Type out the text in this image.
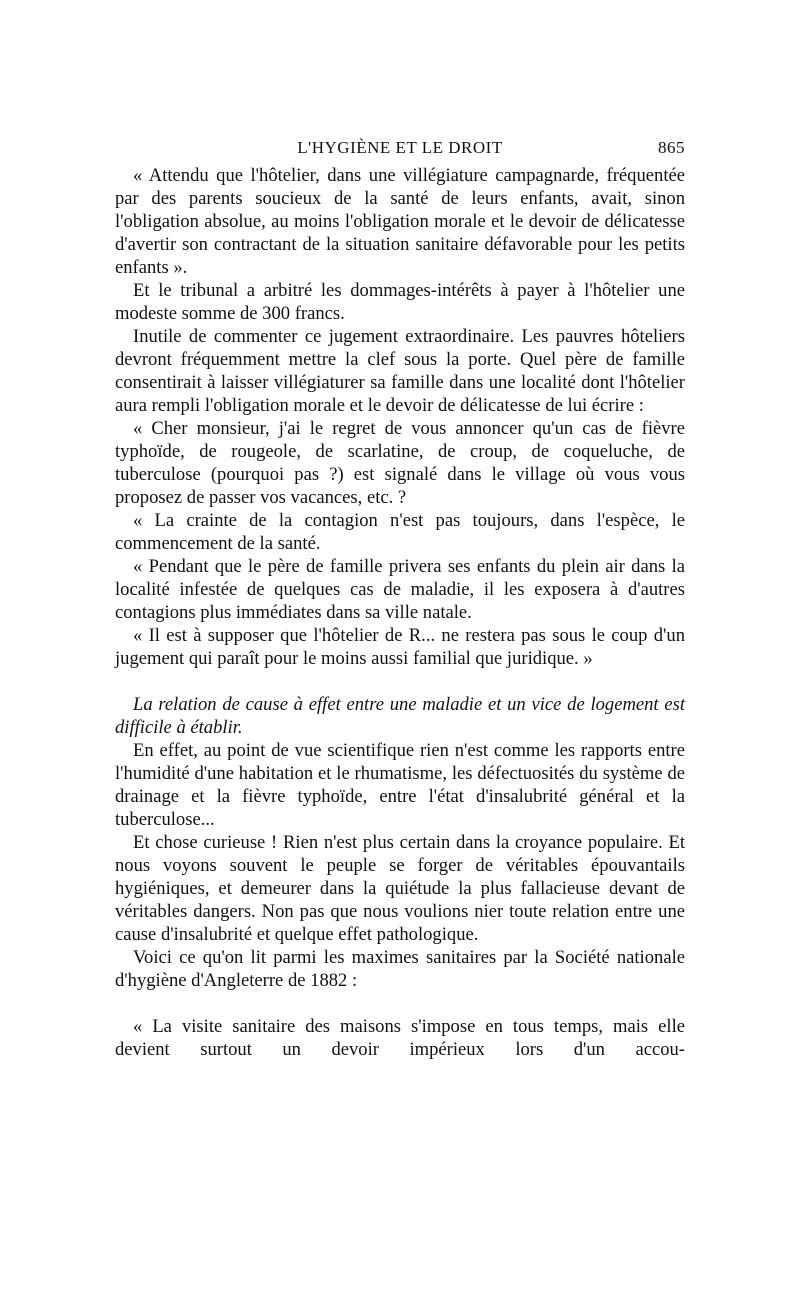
L'HYGIÈNE ET LE DROIT	865

« Attendu que l'hôtelier, dans une villégiature campagnarde, fréquentée par des parents soucieux de la santé de leurs enfants, avait, sinon l'obligation absolue, au moins l'obligation morale et le devoir de délicatesse d'avertir son contractant de la situation sanitaire défavorable pour les petits enfants ».

Et le tribunal a arbitré les dommages-intérêts à payer à l'hôtelier une modeste somme de 300 francs.

Inutile de commenter ce jugement extraordinaire. Les pauvres hôteliers devront fréquemment mettre la clef sous la porte. Quel père de famille consentirait à laisser villégiaturer sa famille dans une localité dont l'hôtelier aura rempli l'obligation morale et le devoir de délicatesse de lui écrire :

« Cher monsieur, j'ai le regret de vous annoncer qu'un cas de fièvre typhoïde, de rougeole, de scarlatine, de croup, de coqueluche, de tuberculose (pourquoi pas ?) est signalé dans le village où vous vous proposez de passer vos vacances, etc. ?

« La crainte de la contagion n'est pas toujours, dans l'espèce, le commencement de la santé.

« Pendant que le père de famille privera ses enfants du plein air dans la localité infestée de quelques cas de maladie, il les exposera à d'autres contagions plus immédiates dans sa ville natale.

« Il est à supposer que l'hôtelier de R... ne restera pas sous le coup d'un jugement qui paraît pour le moins aussi familial que juridique. »

La relation de cause à effet entre une maladie et un vice de logement est difficile à établir.

En effet, au point de vue scientifique rien n'est comme les rapports entre l'humidité d'une habitation et le rhumatisme, les défectuosités du système de drainage et la fièvre typhoïde, entre l'état d'insalubrité général et la tuberculose...

Et chose curieuse ! Rien n'est plus certain dans la croyance populaire. Et nous voyons souvent le peuple se forger de véritables épouvantails hygiéniques, et demeurer dans la quiétude la plus fallacieuse devant de véritables dangers. Non pas que nous voulions nier toute relation entre une cause d'insalubrité et quelque effet pathologique.

Voici ce qu'on lit parmi les maximes sanitaires par la Société nationale d'hygiène d'Angleterre de 1882 :

« La visite sanitaire des maisons s'impose en tous temps, mais elle devient surtout un devoir impérieux lors d'un accou-
